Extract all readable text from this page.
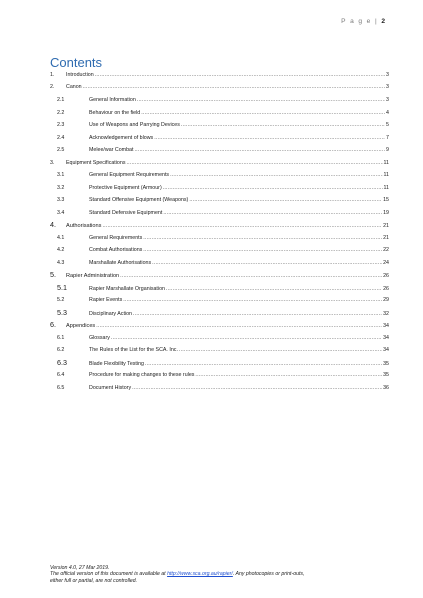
P a g e | 2
Contents
1.	Introduction .....	3
2.	Canon .....	3
2.1	General Information .....	3
2.2	Behaviour on the field .....	4
2.3	Use of Weapons and Parrying Devices .....	5
2.4	Acknowledgement of blows .....	7
2.5	Melee/war Combat .....	9
3.	Equipment Specifications .....	11
3.1	General Equipment Requirements .....	11
3.2	Protective Equipment (Armour) .....	11
3.3	Standard Offensive Equipment (Weapons) .....	15
3.4	Standard Defensive Equipment .....	19
4.	Authorisations .....	21
4.1	General Requirements .....	21
4.2	Combat Authorisations .....	22
4.3	Marshallate Authorisations .....	24
5.	Rapier Administration .....	26
5.1	Rapier Marshallate Organisation .....	26
5.2	Rapier Events .....	29
5.3	Disciplinary Action .....	32
6.	Appendices .....	34
6.1	Glossary .....	34
6.2	The Rules of the List for the SCA. Inc. .....	34
6.3	Blade Flexibility Testing .....	35
6.4	Procedure for making changes to these rules .....	35
6.5	Document History .....	36
Version 4.0, 27 Mar 2019.
The official version of this document is available at http://www.sca.org.au/rapier/. Any photocopies or print-outs,
either full or partial, are not controlled.
